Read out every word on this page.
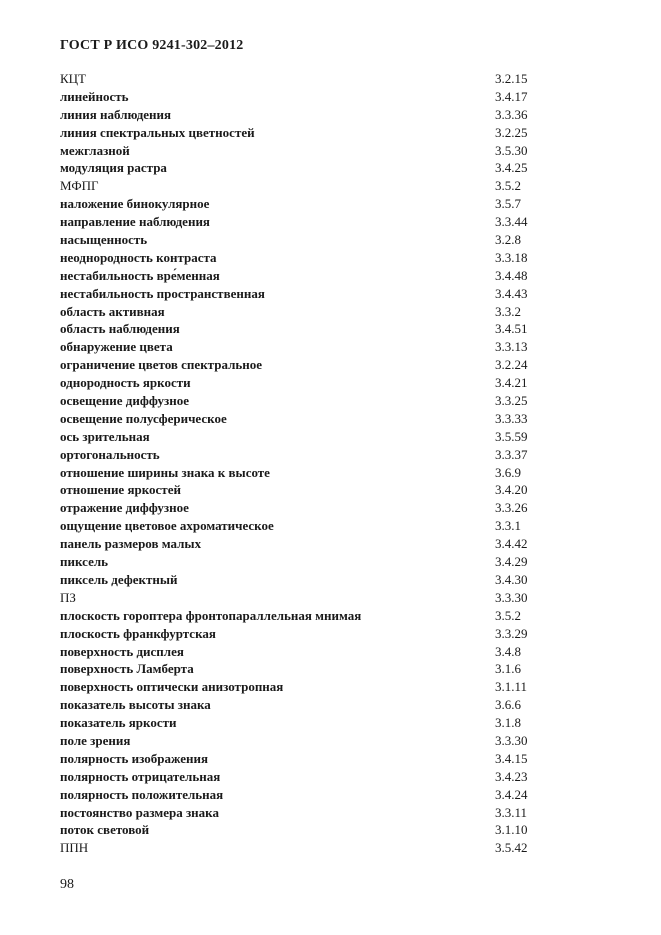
ГОСТ Р ИСО 9241-302–2012
КЦТ	3.2.15
линейность	3.4.17
линия наблюдения	3.3.36
линия спектральных цветностей	3.2.25
межглазной	3.5.30
модуляция растра	3.4.25
МФПГ	3.5.2
наложение бинокулярное	3.5.7
направление наблюдения	3.3.44
насыщенность	3.2.8
неоднородность контраста	3.3.18
нестабильность вре́менная	3.4.48
нестабильность пространственная	3.4.43
область активная	3.3.2
область наблюдения	3.4.51
обнаружение цвета	3.3.13
ограничение цветов спектральное	3.2.24
однородность яркости	3.4.21
освещение диффузное	3.3.25
освещение полусферическое	3.3.33
ось зрительная	3.5.59
ортогональность	3.3.37
отношение ширины знака к высоте	3.6.9
отношение яркостей	3.4.20
отражение диффузное	3.3.26
ощущение цветовое ахроматическое	3.3.1
панель размеров малых	3.4.42
пиксель	3.4.29
пиксель дефектный	3.4.30
ПЗ	3.3.30
плоскость гороптера фронтопараллельная мнимая	3.5.2
плоскость франкфуртская	3.3.29
поверхность дисплея	3.4.8
поверхность Ламберта	3.1.6
поверхность оптически анизотропная	3.1.11
показатель высоты знака	3.6.6
показатель яркости	3.1.8
поле зрения	3.3.30
полярность изображения	3.4.15
полярность отрицательная	3.4.23
полярность положительная	3.4.24
постоянство размера знака	3.3.11
поток световой	3.1.10
ППН	3.5.42
98
